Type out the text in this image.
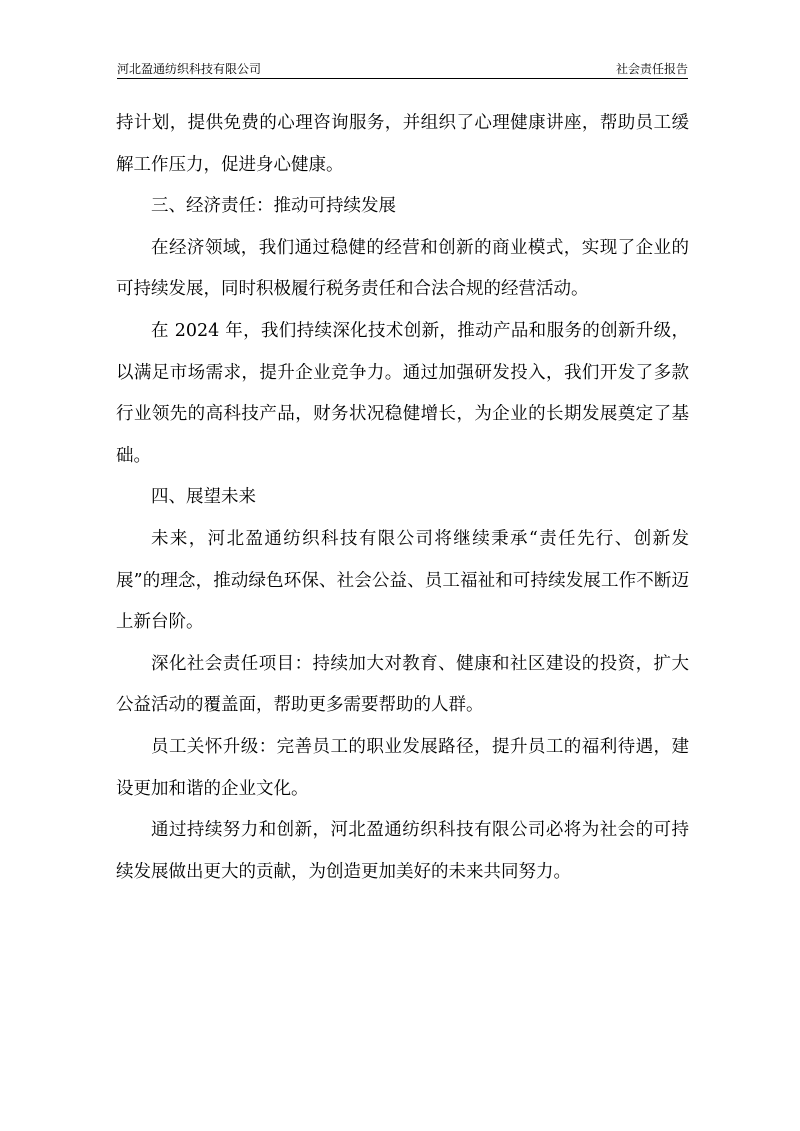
河北盈通纺织科技有限公司	社会责任报告

持计划，提供免费的心理咨询服务，并组织了心理健康讲座，帮助员工缓解工作压力，促进身心健康。

三、经济责任：推动可持续发展

在经济领域，我们通过稳健的经营和创新的商业模式，实现了企业的可持续发展，同时积极履行税务责任和合法合规的经营活动。

在 2024 年，我们持续深化技术创新，推动产品和服务的创新升级，以满足市场需求，提升企业竞争力。通过加强研发投入，我们开发了多款行业领先的高科技产品，财务状况稳健增长，为企业的长期发展奠定了基础。

四、展望未来

未来，河北盈通纺织科技有限公司将继续秉承“责任先行、创新发展”的理念，推动绿色环保、社会公益、员工福祉和可持续发展工作不断迈上新台阶。

深化社会责任项目：持续加大对教育、健康和社区建设的投资，扩大公益活动的覆盖面，帮助更多需要帮助的人群。

员工关怀升级：完善员工的职业发展路径，提升员工的福利待遇，建设更加和谐的企业文化。

通过持续努力和创新，河北盈通纺织科技有限公司必将为社会的可持续发展做出更大的贡献，为创造更加美好的未来共同努力。
